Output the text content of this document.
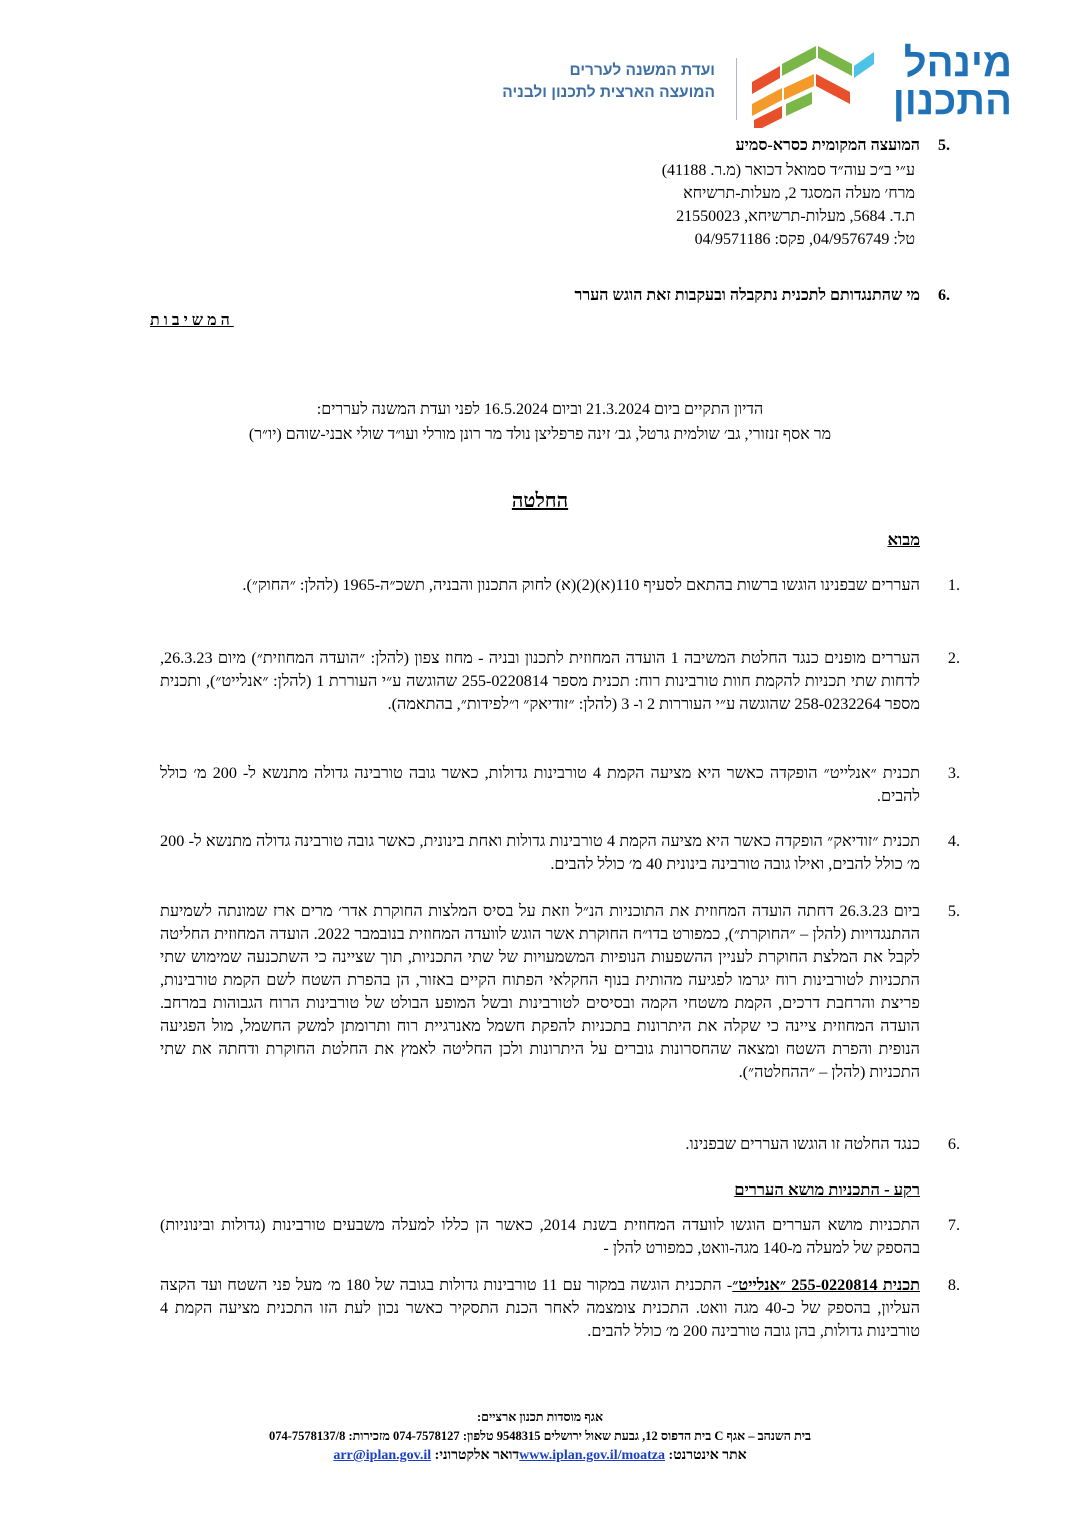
מינהל התכנון
ועדת המשנה לעררים
המועצה הארצית לתכנון ולבניה
.5
המועצה המקומית כסרא-סמיע
ע״י ב״כ עוה״ד סמואל דכואר (מ.ר. 41188)
מרח׳ מעלה המסגד 2, מעלות-תרשיחא
ת.ד. 5684, מעלות-תרשיחא, 21550023
טל: 04/9576749, פקס: 04/9571186
.6
מי שהתנגדותם לתכנית נתקבלה ובעקבות זאת הוגש הערר
המשיבות
הדיון התקיים ביום 21.3.2024 וביום 16.5.2024 לפני ועדת המשנה לעררים:
מר אסף זנזורי, גב׳ שולמית גרטל, גב׳ זינה פרפליצן נולד מר רונן מורלי ועו״ד שולי אבני-שוהם (יו״ר)
החלטה
מבוא
.1
העררים שבפנינו הוגשו ברשות בהתאם לסעיף 110(א)(2)(א) לחוק התכנון והבניה, תשכ״ה-1965 (להלן: ״החוק״).
.2
העררים מופנים כנגד החלטת המשיבה 1 הועדה המחוזית לתכנון ובניה - מחוז צפון (להלן: ״הועדה המחוזית״) מיום 26.3.23, לדחות שתי תכניות להקמת חוות טורבינות רוח: תכנית מספר 255-0220814 שהוגשה ע״י העוררת 1 (להלן: ״אנלייט״), ותכנית מספר 258-0232264 שהוגשה ע״י העוררות 2 ו- 3 (להלן: ״זודיאק״ ו״לפידות״, בהתאמה).
.3
תכנית ״אנלייט״ הופקדה כאשר היא מציעה הקמת 4 טורבינות גדולות, כאשר גובה טורבינה גדולה מתנשא ל- 200 מ׳ כולל להבים.
.4
תכנית ״זודיאק״ הופקדה כאשר היא מציעה הקמת 4 טורבינות גדולות ואחת בינונית, כאשר גובה טורבינה גדולה מתנשא ל- 200 מ׳ כולל להבים, ואילו גובה טורבינה בינונית 40 מ׳ כולל להבים.
.5
ביום 26.3.23 דחתה הועדה המחוזית את התוכניות הנ״ל וזאת על בסיס המלצות החוקרת אדר׳ מרים ארז שמונתה לשמיעת ההתנגדויות (להלן – ״החוקרת״), כמפורט בדו״ח החוקרת אשר הוגש לוועדה המחוזית בנובמבר 2022. הועדה המחוזית החליטה לקבל את המלצת החוקרת לעניין ההשפעות הנופיות המשמעויות של שתי התכניות, תוך שציינה כי השתכנעה שמימוש שתי התכניות לטורבינות רוח יגרמו לפגיעה מהותית בנוף החקלאי הפתוח הקיים באזור, הן בהפרת השטח לשם הקמת טורבינות, פריצת והרחבת דרכים, הקמת משטחי הקמה ובסיסים לטורבינות ובשל המופע הבולט של טורבינות הרוח הגבוהות במרחב. הועדה המחוזית ציינה כי שקלה את היתרונות בתכניות להפקת חשמל מאנרגיית רוח ותרומתן למשק החשמל, מול הפגיעה הנופית והפרת השטח ומצאה שהחסרונות גוברים על היתרונות ולכן החליטה לאמץ את החלטת החוקרת ודחתה את שתי התכניות (להלן – ״ההחלטה״).
.6
כנגד החלטה זו הוגשו העררים שבפנינו.
רקע - התכניות מושא העררים
.7
התכניות מושא העררים הוגשו לוועדה המחוזית בשנת 2014, כאשר הן כללו למעלה משבעים טורבינות (גדולות ובינוניות) בהספק של למעלה מ-140 מגה-וואט, כמפורט להלן -
.8
תכנית 255-0220814 ״אנלייט״- התכנית הוגשה במקור עם 11 טורבינות גדולות בגובה של 180 מ׳ מעל פני השטח ועד הקצה העליון, בהספק של כ-40 מגה וואט. התכנית צומצמה לאחר הכנת התסקיר כאשר נכון לעת הזו התכנית מציעה הקמת 4 טורבינות גדולות, בהן גובה טורבינה 200 מ׳ כולל להבים.
אגף מוסדות תכנון ארציים:
בית השנהב – אגף C בית הדפוס 12, גבעת שאול ירושלים 9548315 טלפון: 074-7578127 מזכירות: 074-7578137/8
אתר אינטרנט: www.iplan.gov.il/moatzaדואר אלקטרוני: arr@iplan.gov.il
